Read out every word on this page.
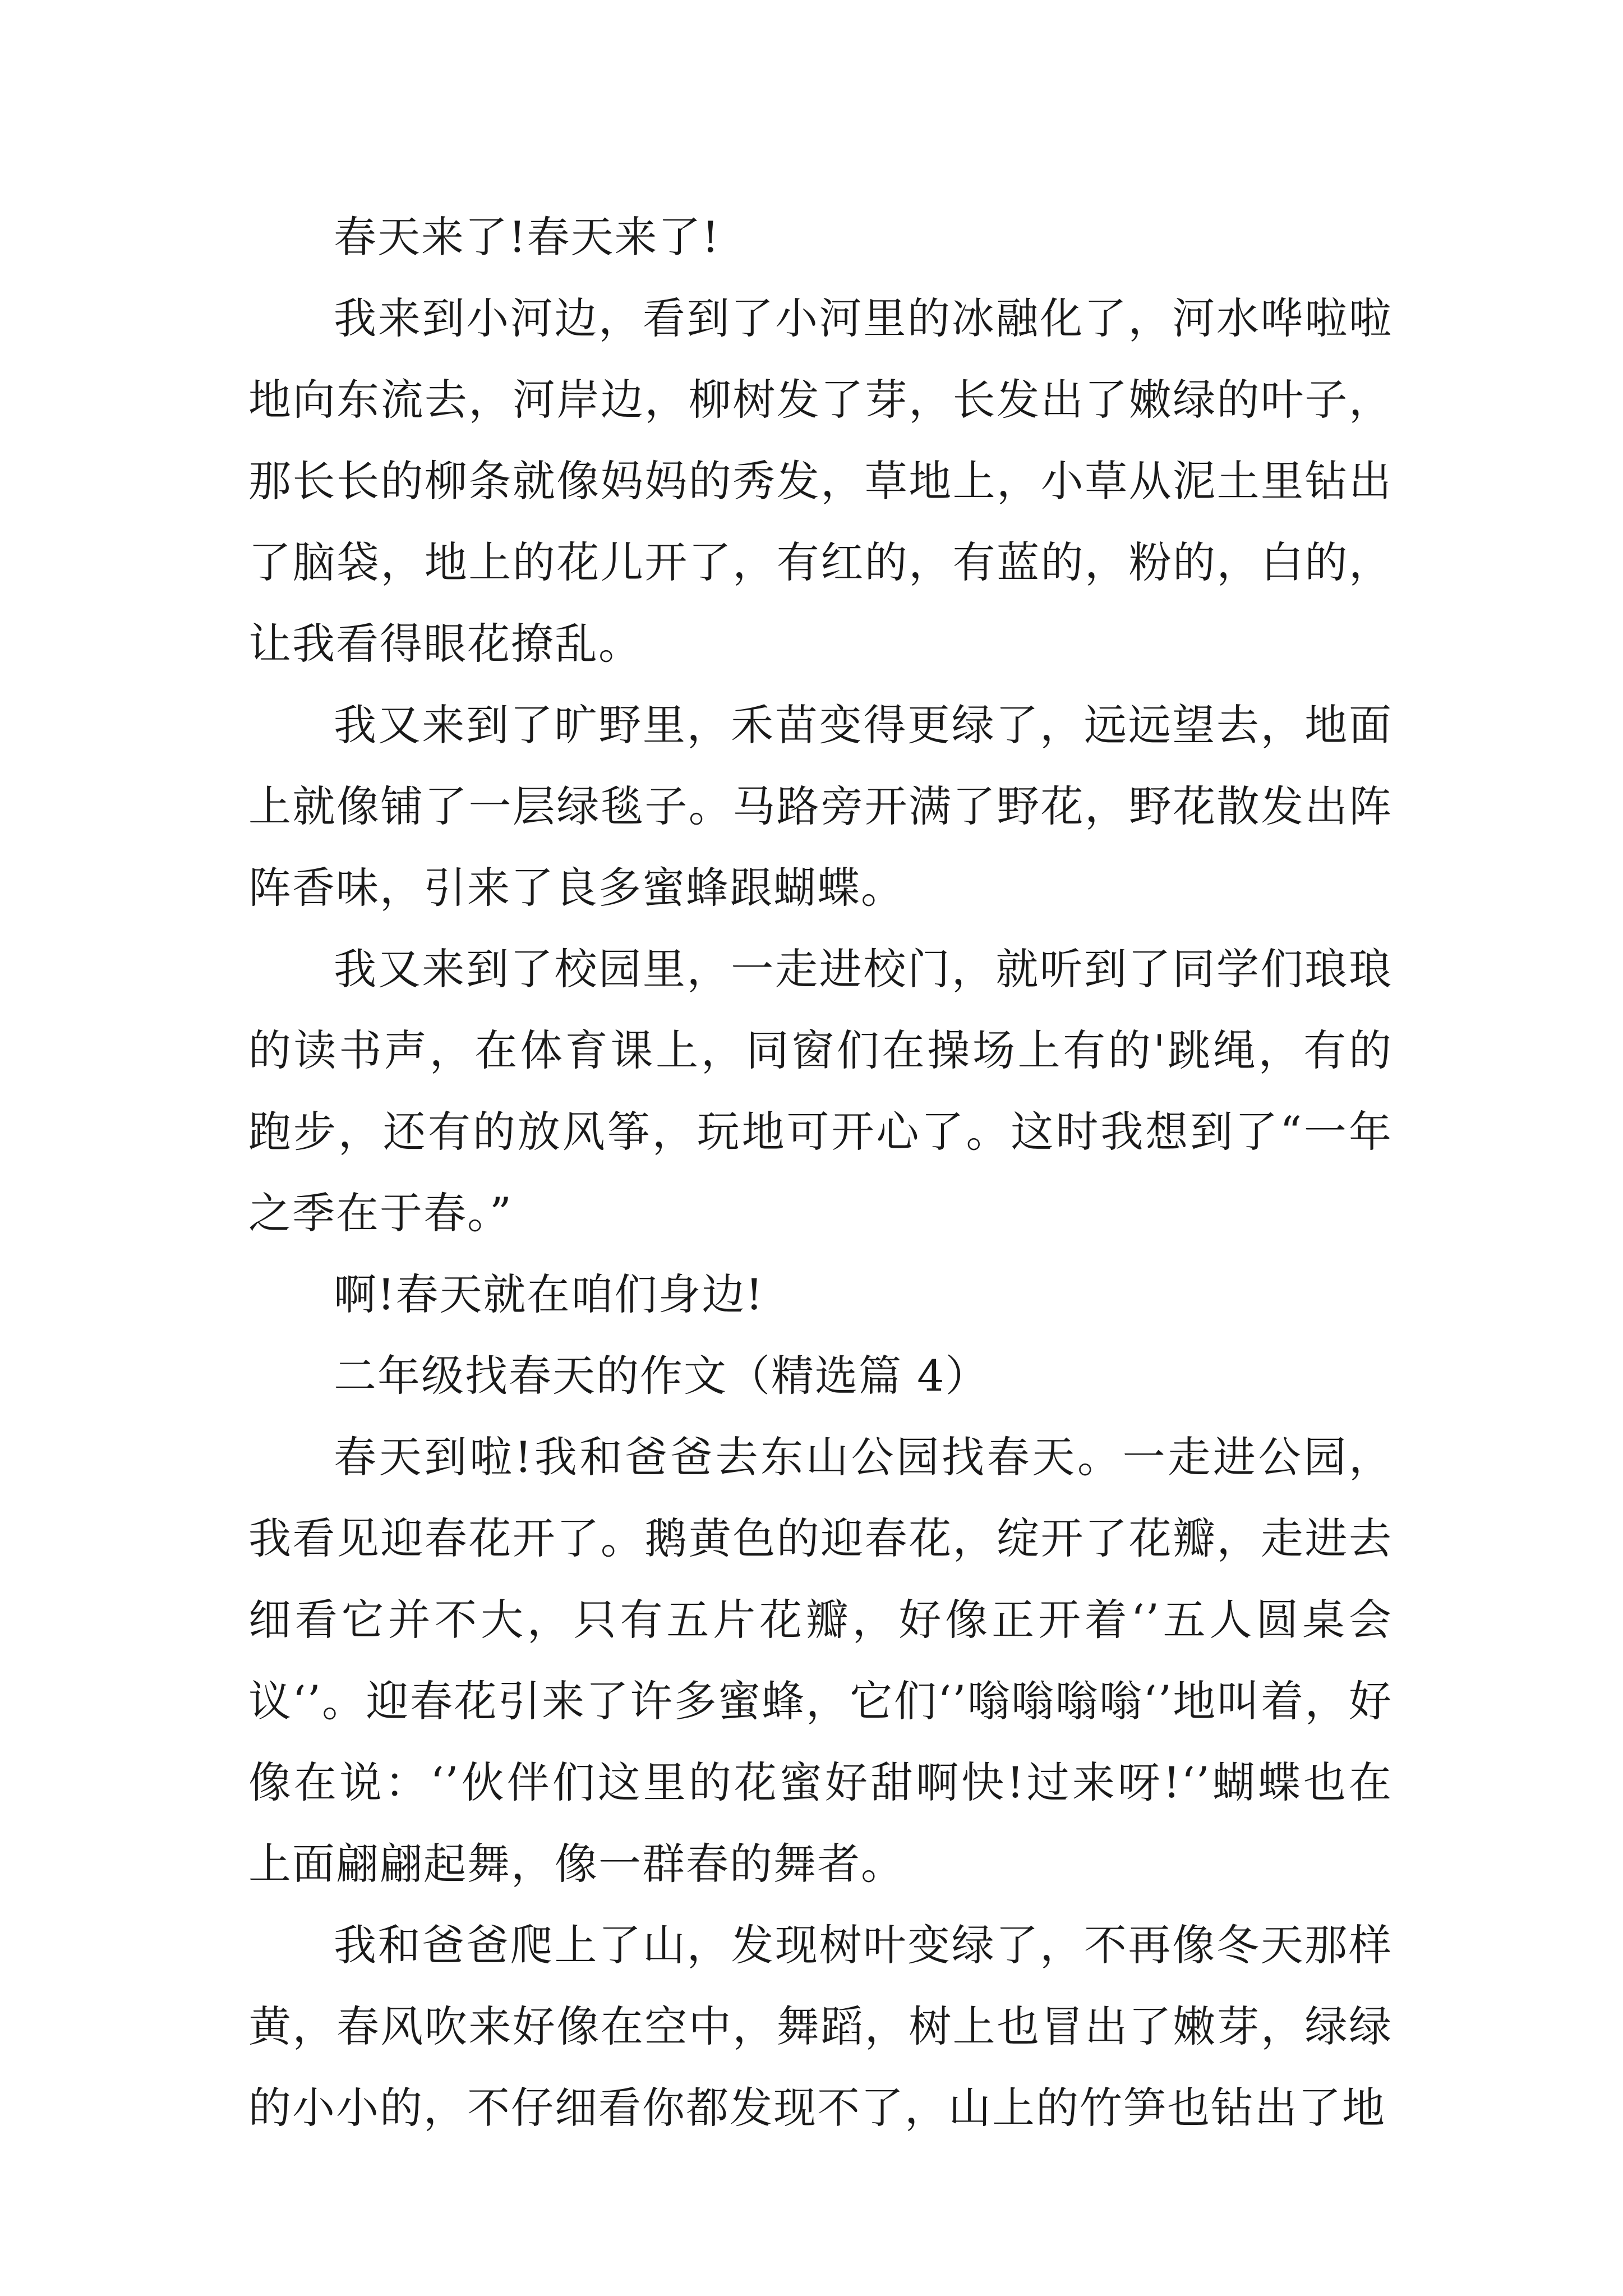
春天来了!春天来了!

我来到小河边，看到了小河里的冰融化了，河水哗啦啦地向东流去，河岸边，柳树发了芽，长发出了嫩绿的叶子，那长长的柳条就像妈妈的秀发，草地上，小草从泥土里钻出了脑袋，地上的花儿开了，有红的，有蓝的，粉的，白的，让我看得眼花撩乱。

我又来到了旷野里，禾苗变得更绿了，远远望去，地面上就像铺了一层绿毯子。马路旁开满了野花，野花散发出阵阵香味，引来了良多蜜蜂跟蝴蝶。

我又来到了校园里，一走进校门，就听到了同学们琅琅的读书声，在体育课上，同窗们在操场上有的'跳绳，有的跑步，还有的放风筝，玩地可开心了。这时我想到了“一年之季在于春。”

啊!春天就在咱们身边!

二年级找春天的作文（精选篇 4）

春天到啦!我和爸爸去东山公园找春天。一走进公园，我看见迎春花开了。鹅黄色的迎春花，绽开了花瓣，走进去细看它并不大，只有五片花瓣，好像正开着‘’五人圆桌会议‘’。迎春花引来了许多蜜蜂，它们‘’嗡嗡嗡嗡‘’地叫着，好像在说：‘’伙伴们这里的花蜜好甜啊快!过来呀!‘’蝴蝶也在上面翩翩起舞，像一群春的舞者。

我和爸爸爬上了山，发现树叶变绿了，不再像冬天那样黄，春风吹来好像在空中，舞蹈，树上也冒出了嫩芽，绿绿的小小的，不仔细看你都发现不了，山上的竹笋也钻出了地
